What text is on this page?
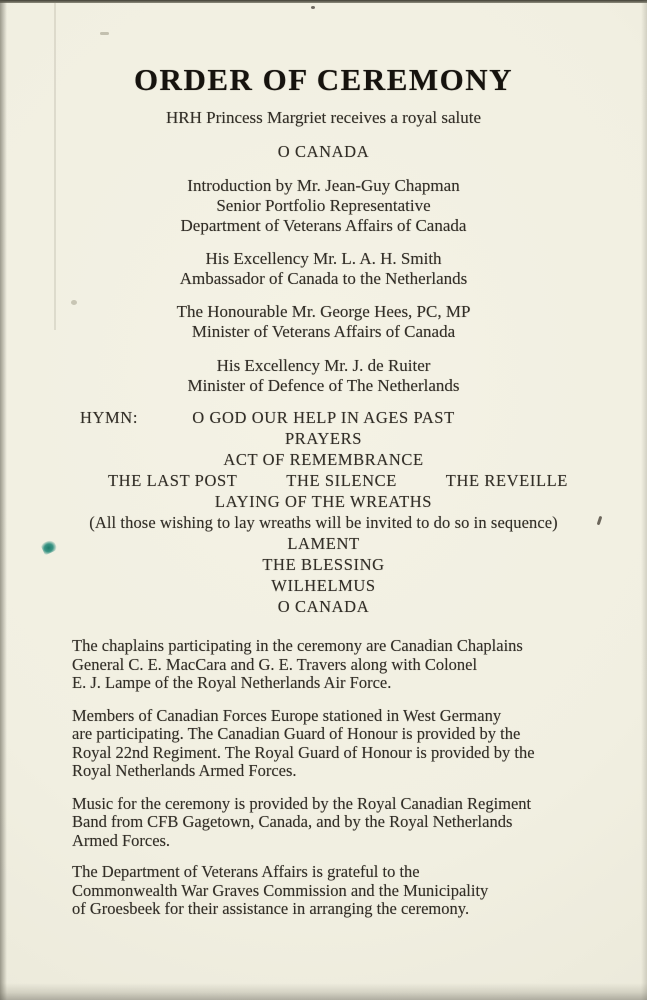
ORDER OF CEREMONY
HRH Princess Margriet receives a royal salute
O CANADA
Introduction by Mr. Jean-Guy Chapman
Senior Portfolio Representative
Department of Veterans Affairs of Canada
His Excellency Mr. L. A. H. Smith
Ambassador of Canada to the Netherlands
The Honourable Mr. George Hees, PC, MP
Minister of Veterans Affairs of Canada
His Excellency Mr. J. de Ruiter
Minister of Defence of The Netherlands
HYMN:	O GOD OUR HELP IN AGES PAST
PRAYERS
ACT OF REMEMBRANCE
THE LAST POST	THE SILENCE	THE REVEILLE
LAYING OF THE WREATHS
(All those wishing to lay wreaths will be invited to do so in sequence)
LAMENT
THE BLESSING
WILHELMUS
O CANADA
The chaplains participating in the ceremony are Canadian Chaplains
General C. E. MacCara and G. E. Travers along with Colonel
E. J. Lampe of the Royal Netherlands Air Force.
Members of Canadian Forces Europe stationed in West Germany
are participating. The Canadian Guard of Honour is provided by the
Royal 22nd Regiment. The Royal Guard of Honour is provided by the
Royal Netherlands Armed Forces.
Music for the ceremony is provided by the Royal Canadian Regiment
Band from CFB Gagetown, Canada, and by the Royal Netherlands
Armed Forces.
The Department of Veterans Affairs is grateful to the
Commonwealth War Graves Commission and the Municipality
of Groesbeek for their assistance in arranging the ceremony.
